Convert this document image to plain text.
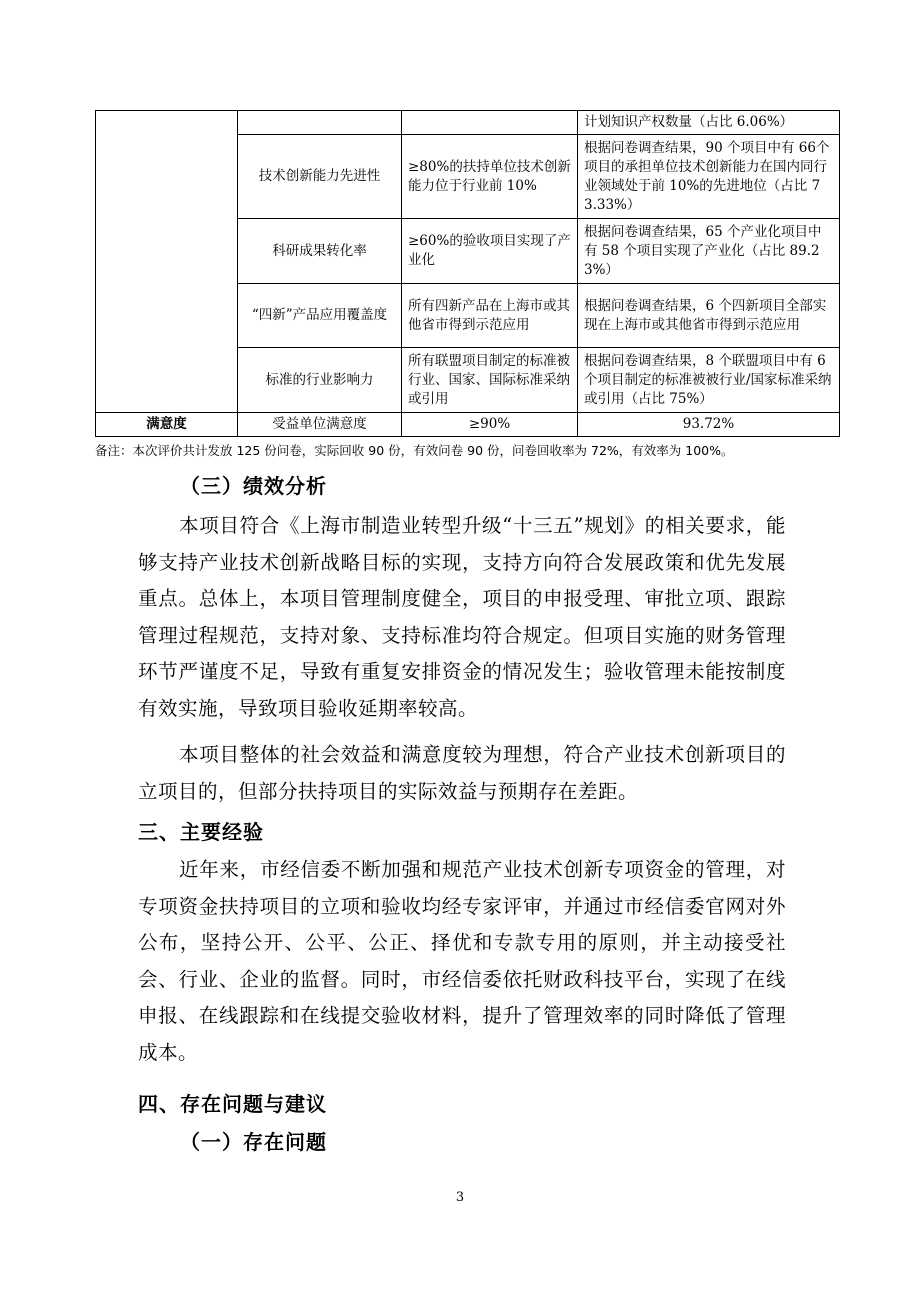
			计划知识产权数量（占比 6.06%）
	技术创新能力先进性	≥80%的扶持单位技术创新能力位于行业前 10%	根据问卷调查结果，90 个项目中有 66个项目的承担单位技术创新能力在国内同行业领域处于前 10%的先进地位（占比 73.33%）
	科研成果转化率	≥60%的验收项目实现了产业化	根据问卷调查结果，65 个产业化项目中有 58 个项目实现了产业化（占比 89.23%）
	“四新”产品应用覆盖度	所有四新产品在上海市或其他省市得到示范应用	根据问卷调查结果，6 个四新项目全部实现在上海市或其他省市得到示范应用
	标准的行业影响力	所有联盟项目制定的标准被行业、国家、国际标准采纳或引用	根据问卷调查结果，8 个联盟项目中有 6 个项目制定的标准被被行业/国家标准采纳或引用（占比 75%）
满意度	受益单位满意度	≥90%	93.72%
备注：本次评价共计发放 125 份问卷，实际回收 90 份，有效问卷 90 份，问卷回收率为 72%，有效率为 100%。
（三）绩效分析
本项目符合《上海市制造业转型升级“十三五”规划》的相关要求，能够支持产业技术创新战略目标的实现，支持方向符合发展政策和优先发展重点。总体上，本项目管理制度健全，项目的申报受理、审批立项、跟踪管理过程规范，支持对象、支持标准均符合规定。但项目实施的财务管理环节严谨度不足，导致有重复安排资金的情况发生；验收管理未能按制度有效实施，导致项目验收延期率较高。
本项目整体的社会效益和满意度较为理想，符合产业技术创新项目的立项目的，但部分扶持项目的实际效益与预期存在差距。
三、主要经验
近年来，市经信委不断加强和规范产业技术创新专项资金的管理，对专项资金扶持项目的立项和验收均经专家评审，并通过市经信委官网对外公布，坚持公开、公平、公正、择优和专款专用的原则，并主动接受社会、行业、企业的监督。同时，市经信委依托财政科技平台，实现了在线申报、在线跟踪和在线提交验收材料，提升了管理效率的同时降低了管理成本。
四、存在问题与建议
（一）存在问题
3
